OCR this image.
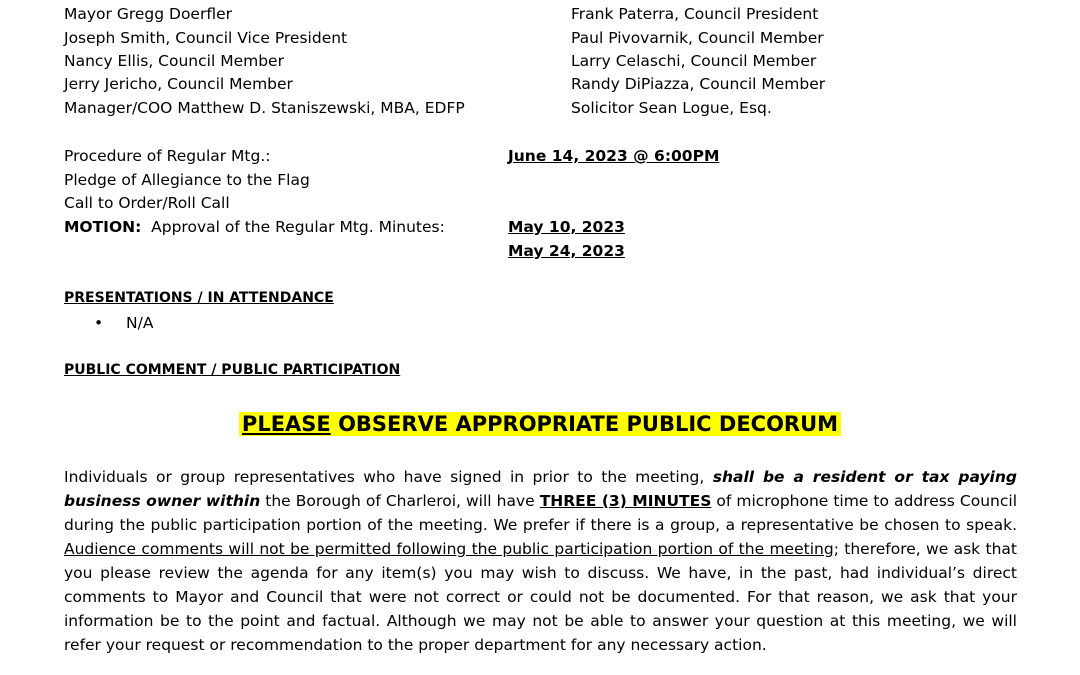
Mayor Gregg Doerfler
Joseph Smith, Council Vice President
Nancy Ellis, Council Member
Jerry Jericho, Council Member
Manager/COO Matthew D. Staniszewski, MBA, EDFP
Frank Paterra, Council President
Paul Pivovarnik, Council Member
Larry Celaschi, Council Member
Randy DiPiazza, Council Member
Solicitor Sean Logue, Esq.
Procedure of Regular Mtg.:	June 14, 2023 @ 6:00PM
Pledge of Allegiance to the Flag
Call to Order/Roll Call
MOTION: Approval of the Regular Mtg. Minutes:	May 10, 2023
May 24, 2023
PRESENTATIONS / IN ATTENDANCE
• N/A
PUBLIC COMMENT / PUBLIC PARTICIPATION
PLEASE OBSERVE APPROPRIATE PUBLIC DECORUM
Individuals or group representatives who have signed in prior to the meeting, shall be a resident or tax paying business owner within the Borough of Charleroi, will have THREE (3) MINUTES of microphone time to address Council during the public participation portion of the meeting. We prefer if there is a group, a representative be chosen to speak. Audience comments will not be permitted following the public participation portion of the meeting; therefore, we ask that you please review the agenda for any item(s) you may wish to discuss. We have, in the past, had individual’s direct comments to Mayor and Council that were not correct or could not be documented. For that reason, we ask that your information be to the point and factual. Although we may not be able to answer your question at this meeting, we will refer your request or recommendation to the proper department for any necessary action.
